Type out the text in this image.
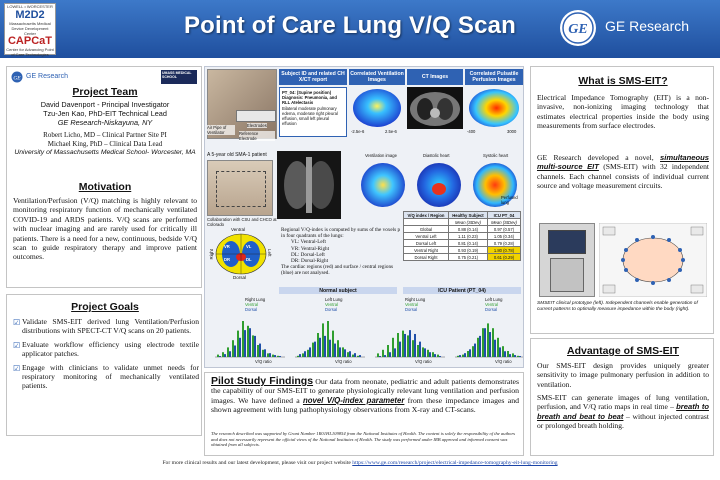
LOWELL • WORCESTER
M2D2
Massachusetts Medical Device Development Center
CAPCaT
Center for Advancing Point of Care Technologies
Point of Care Lung V/Q Scan	GE GE Research
GE GE Research	UMASS MEDICAL SCHOOL
Project Team
David Davenport - Principal Investigator
Tzu-Jen Kao, PhD-EIT Technical Lead
GE Research-Niskayuna, NY
Robert Licho, MD – Clinical Partner Site PI
Michael King, PhD – Clinical Data Lead
University of Massachusetts Medical School- Worcester, MA
Motivation
Ventilation/Perfusion (V/Q) matching is highly relevant to monitoring respiratory function of mechanically ventilated COVID-19 and ARDS patients. V/Q scans are performed with nuclear imaging and are rarely used for critically ill patients. There is a need for a new, continuous, bedside V/Q scan to guide respiratory therapy and improve patient outcomes.
Project Goals
☑ Validate SMS-EIT derived lung Ventilation/Perfusion distributions with SPECT-CT V/Q scans on 20 patients.
☑ Evaluate workflow efficiency using electrode textile applicator patches.
☑ Engage with clinicians to validate unmet needs for respiratory monitoring of mechanically ventilated patients.
Air Pipe of Ventilator
Electrodes
Reference Electrode
Subject ID and related CH X/CT report
Correlated Ventilation Images	CT Images	Correlated Pulsatile Perfusion Images
PT_04: (Supine position)
Diagnosis: Pneumonia, and RLL Atelectasis
Bilateral moderate pulmonary edema, moderate right pleural effusion, small left pleural effusion
-2.5e-6	2.5e-6	-400	3000
A 5-year old SMA-1 patient
Collaboration with CSU and CHCO at Colorado
Ventilation image	Diastolic heart	Systolic heart
Perfused lung
Ventral
Right	Left
VR	VL
DR	DL
Dorsal
Regional V/Q-index is computed by sums of the voxels p in four quadrants of the lungs:
VL: Ventral-Left
VR: Ventral-Right
DL: Dorsal-Left
DR: Dorsal-Right
The cardiac regions (red) and surface / central regions (blue) are not analysed.
V/Q index / Region	Healthy Subject	ICU PT_04
	Mean (StDev)	Mean (StDev)
Global	0.88 (0.14)	0.97 (0.57)
Ventral Left	1.11 (0.23)	1.05 (0.34)
Dorsal Left	0.81 (0.14)	0.79 (0.28)
Ventral Right	0.93 (0.19)	1.80 (0.78)
Dorsal Right	0.75 (0.21)	0.61 (0.29)
Normal subject	ICU Patient (PT_04)
Right Lung
Ventral
Dorsal
Left Lung
Ventral
Dorsal
Right Lung
Ventral
Dorsal
Left Lung
Ventral
Dorsal
V/Q ratio	V/Q ratio	V/Q ratio	V/Q ratio
Pilot Study Findings Our data from neonate, pediatric and adult patients demonstrates the capability of our SMS-EIT to generate physiologically relevant lung ventilation and perfusion images. We have defined a novel V/Q-index parameter from these impedance images and shown agreement with lung pathophysiology observations from X-ray and CT-scans.
The research described was supported by Grant Number 1R01HL109854 from the National Institutes of Health. The content is solely the responsibility of the authors and does not necessarily represent the official views of the National Institutes of Health. The study was performed under IRB approval and informed consent was obtained from all subjects.
What is SMS-EIT?
Electrical Impedance Tomography (EIT) is a non-invasive, non-ionizing imaging technology that estimates electrical properties inside the body using measurements from surface electrodes.
GE Research developed a novel, simultaneous multi-source EIT (SMS-EIT) with 32 independent channels. Each channel consists of individual current source and voltage measurement circuits.
SMSEIT clinical prototype (left). Independent channels enable generation of current patterns to optimally measure impedance within the body (right).
Advantage of SMS-EIT
Our SMS-EIT design provides uniquely greater sensitivity to image pulmonary perfusion in addition to ventilation.
SMS-EIT can generate images of lung ventilation, perfusion, and V/Q ratio maps in real time – breath to breath and beat to beat – without injected contrast or prolonged breath holding.
For more clinical results and our latest development, please visit our project website https://www.ge.com/research/project/electrical-impedance-tomography-eit-lung-monitoring
